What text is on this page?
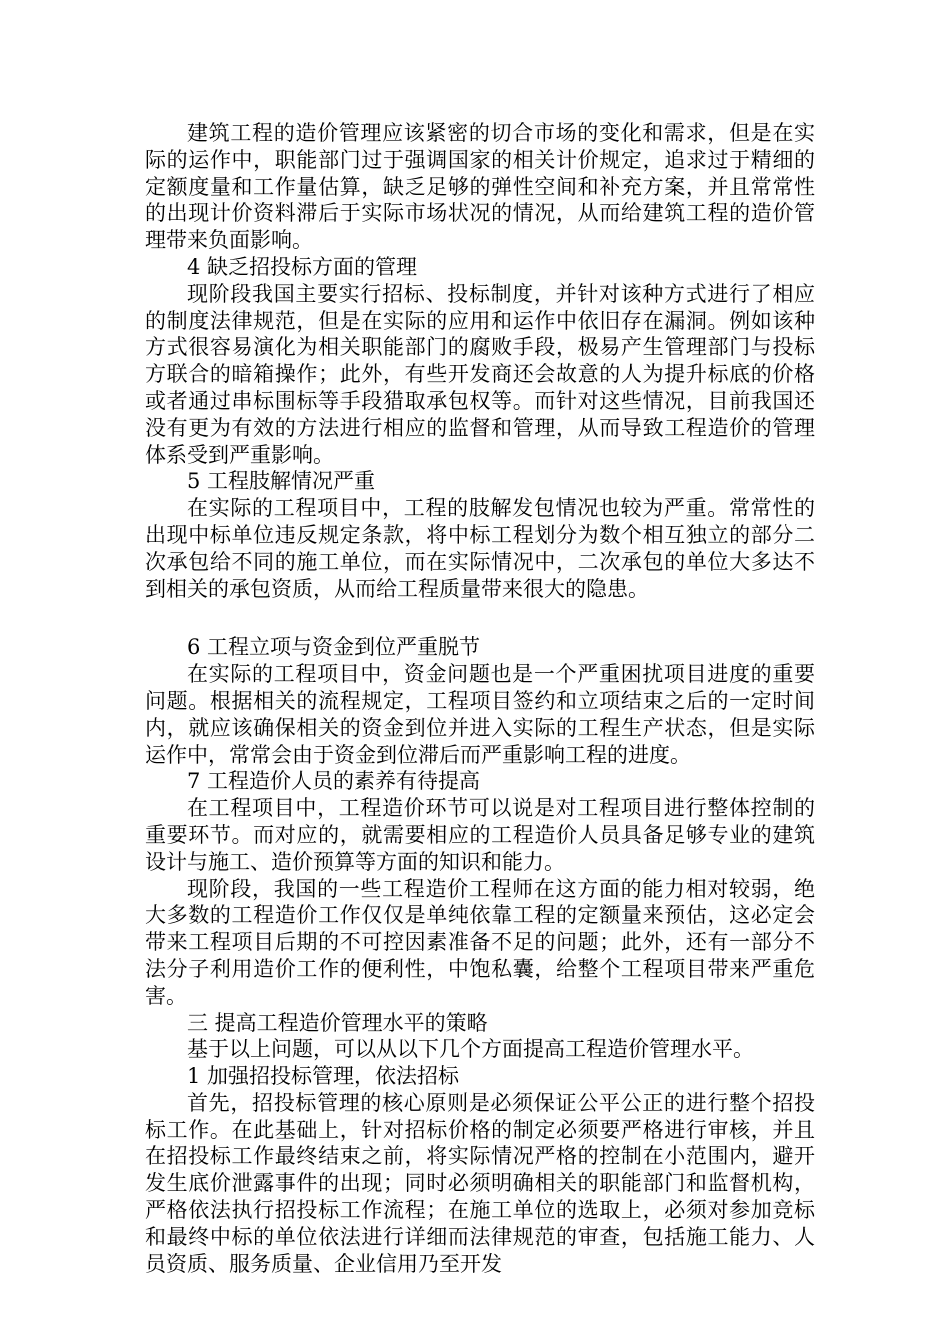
建筑工程的造价管理应该紧密的切合市场的变化和需求，但是在实际的运作中，职能部门过于强调国家的相关计价规定，追求过于精细的定额度量和工作量估算，缺乏足够的弹性空间和补充方案，并且常常性的出现计价资料滞后于实际市场状况的情况，从而给建筑工程的造价管理带来负面影响。

4 缺乏招投标方面的管理

现阶段我国主要实行招标、投标制度，并针对该种方式进行了相应的制度法律规范，但是在实际的应用和运作中依旧存在漏洞。例如该种方式很容易演化为相关职能部门的腐败手段，极易产生管理部门与投标方联合的暗箱操作；此外，有些开发商还会故意的人为提升标底的价格或者通过串标围标等手段猎取承包权等。而针对这些情况，目前我国还没有更为有效的方法进行相应的监督和管理，从而导致工程造价的管理体系受到严重影响。

5 工程肢解情况严重

在实际的工程项目中，工程的肢解发包情况也较为严重。常常性的出现中标单位违反规定条款，将中标工程划分为数个相互独立的部分二次承包给不同的施工单位，而在实际情况中，二次承包的单位大多达不到相关的承包资质，从而给工程质量带来很大的隐患。

6 工程立项与资金到位严重脱节

在实际的工程项目中，资金问题也是一个严重困扰项目进度的重要问题。根据相关的流程规定，工程项目签约和立项结束之后的一定时间内，就应该确保相关的资金到位并进入实际的工程生产状态，但是实际运作中，常常会由于资金到位滞后而严重影响工程的进度。

7 工程造价人员的素养有待提高

在工程项目中，工程造价环节可以说是对工程项目进行整体控制的重要环节。而对应的，就需要相应的工程造价人员具备足够专业的建筑设计与施工、造价预算等方面的知识和能力。

现阶段，我国的一些工程造价工程师在这方面的能力相对较弱，绝大多数的工程造价工作仅仅是单纯依靠工程的定额量来预估，这必定会带来工程项目后期的不可控因素准备不足的问题；此外，还有一部分不法分子利用造价工作的便利性，中饱私囊，给整个工程项目带来严重危害。

三 提高工程造价管理水平的策略

基于以上问题，可以从以下几个方面提高工程造价管理水平。

1 加强招投标管理，依法招标

首先，招投标管理的核心原则是必须保证公平公正的进行整个招投标工作。在此基础上，针对招标价格的制定必须要严格进行审核，并且在招投标工作最终结束之前，将实际情况严格的控制在小范围内，避开发生底价泄露事件的出现；同时必须明确相关的职能部门和监督机构，严格依法执行招投标工作流程；在施工单位的选取上，必须对参加竞标和最终中标的单位依法进行详细而法律规范的审查，包括施工能力、人员资质、服务质量、企业信用乃至开发
